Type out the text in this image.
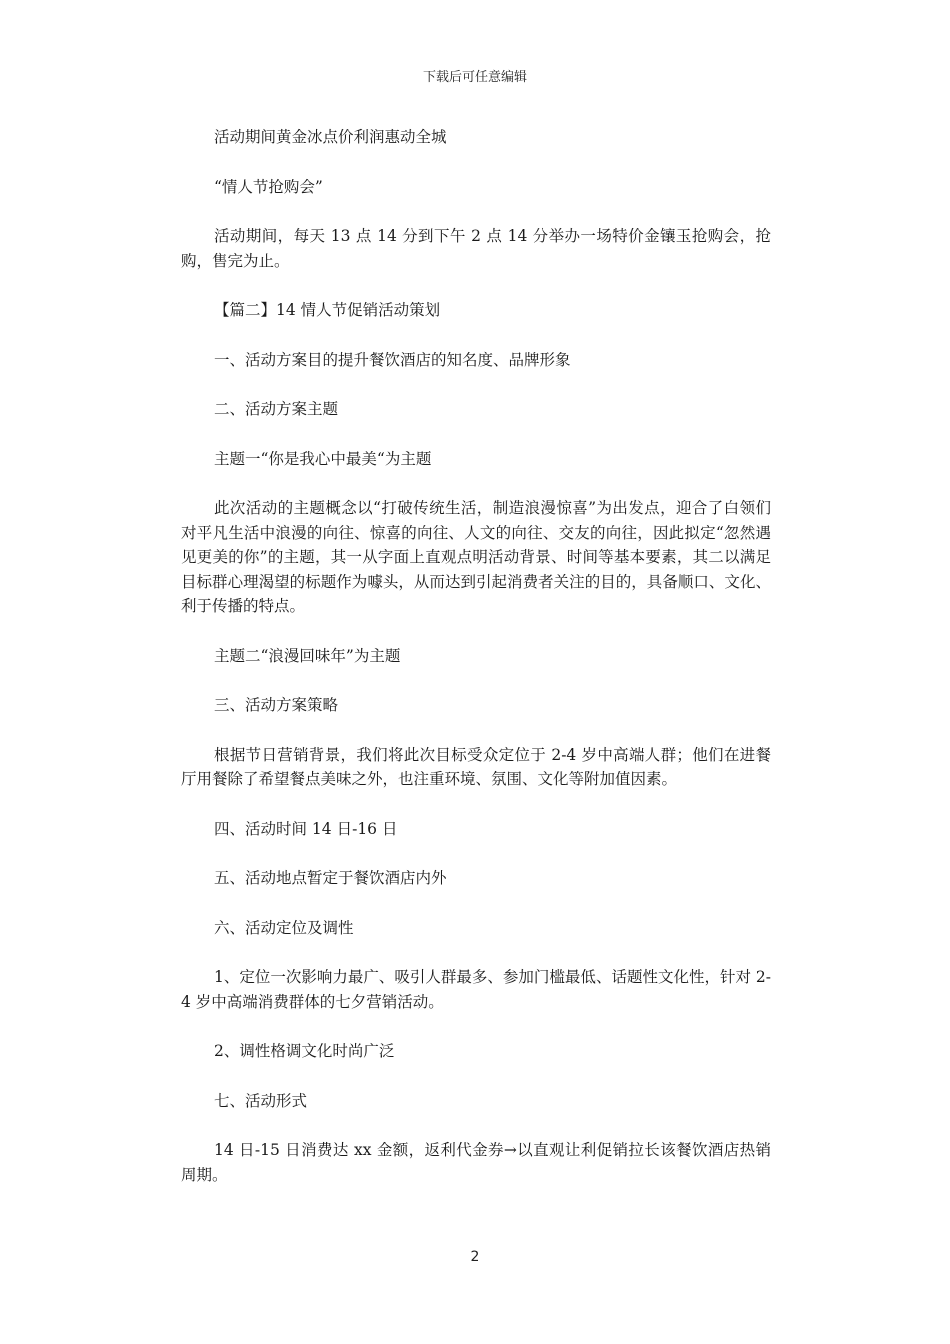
下载后可任意编辑

活动期间黄金冰点价利润惠动全城

“情人节抢购会”

活动期间，每天 13 点 14 分到下午 2 点 14 分举办一场特价金镶玉抢购会，抢购，售完为止。

【篇二】14 情人节促销活动策划

一、活动方案目的提升餐饮酒店的知名度、品牌形象

二、活动方案主题

主题一“你是我心中最美“为主题

此次活动的主题概念以“打破传统生活，制造浪漫惊喜”为出发点，迎合了白领们对平凡生活中浪漫的向往、惊喜的向往、人文的向往、交友的向往，因此拟定“忽然遇见更美的你”的主题，其一从字面上直观点明活动背景、时间等基本要素，其二以满足目标群心理渴望的标题作为噱头，从而达到引起消费者关注的目的，具备顺口、文化、利于传播的特点。

主题二“浪漫回味年”为主题

三、活动方案策略

根据节日营销背景，我们将此次目标受众定位于 2-4 岁中高端人群；他们在进餐厅用餐除了希望餐点美味之外，也注重环境、氛围、文化等附加值因素。

四、活动时间 14 日-16 日

五、活动地点暂定于餐饮酒店内外

六、活动定位及调性

1、定位一次影响力最广、吸引人群最多、参加门槛最低、话题性文化性，针对 2-4 岁中高端消费群体的七夕营销活动。

2、调性格调文化时尚广泛

七、活动形式

14 日-15 日消费达 xx 金额，返利代金券→以直观让利促销拉长该餐饮酒店热销周期。

2
